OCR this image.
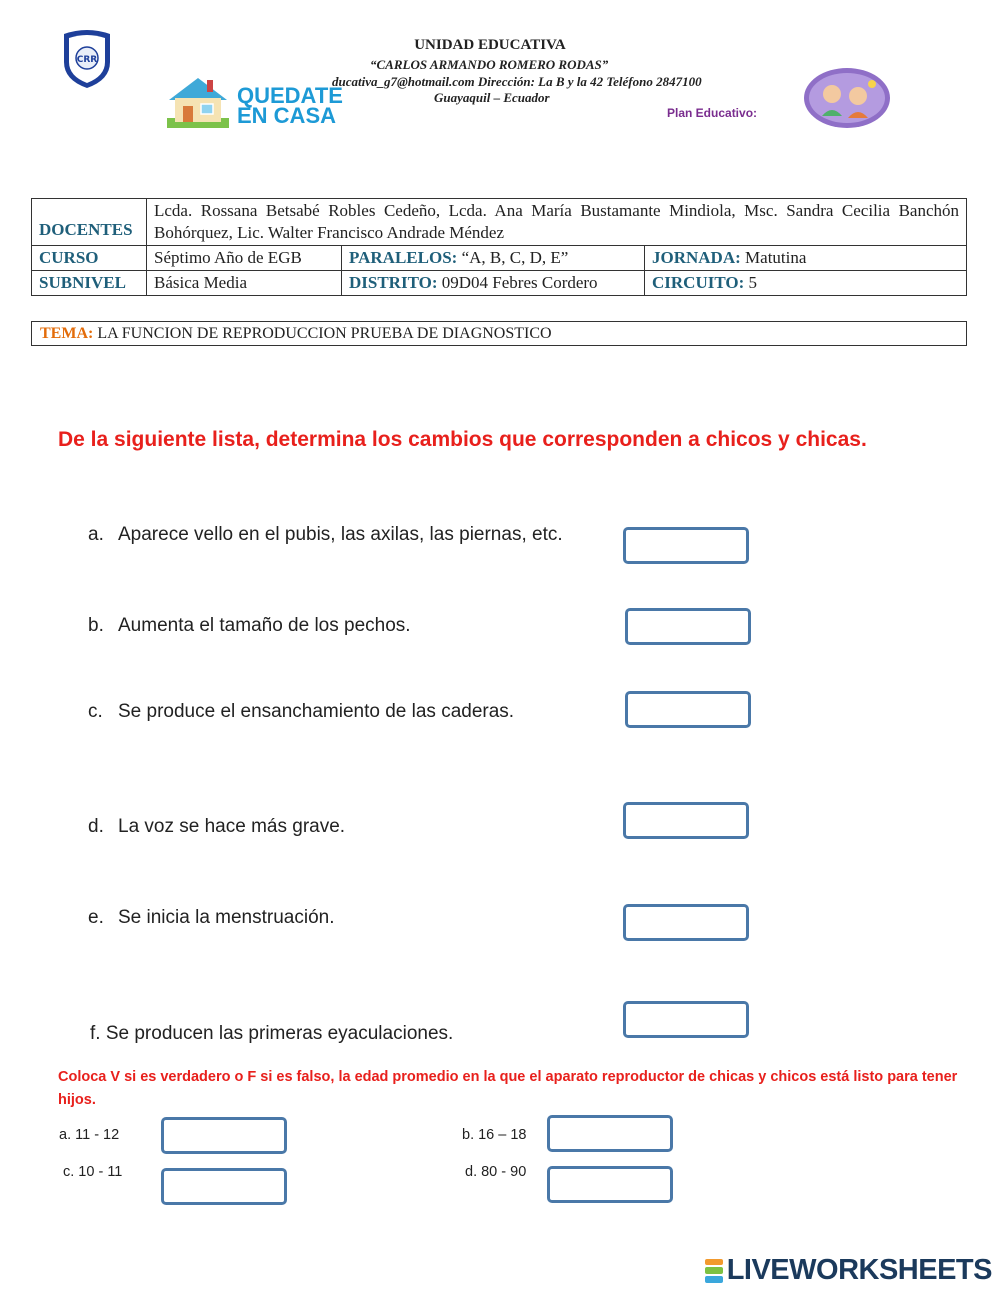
CRR
UNIDAD EDUCATIVA
“CARLOS ARMANDO ROMERO RODAS”
ducativa_g7@hotmail.com Dirección: La B y la 42 Teléfono 2847100
Guayaquil – Ecuador
QUEDATE
EN CASA	Plan Educativo:
DOCENTES	Lcda. Rossana Betsabé Robles Cedeño, Lcda. Ana María Bustamante Mindiola, Msc. Sandra Cecilia Banchón Bohórquez, Lic. Walter Francisco Andrade Méndez		
CURSO	Séptimo Año de EGB	PARALELOS: “A, B, C, D, E”	JORNADA: Matutina
SUBNIVEL	Básica Media	DISTRITO: 09D04 Febres Cordero	CIRCUITO: 5
TEMA: LA FUNCION DE REPRODUCCION PRUEBA DE DIAGNOSTICO
De la siguiente lista, determina los cambios que corresponden a chicos y chicas.
a. Aparece vello en el pubis, las axilas, las piernas, etc.
b. Aumenta el tamaño de los pechos.
c. Se produce el ensanchamiento de las caderas.
d. La voz se hace más grave.
e. Se inicia la menstruación.
f. Se producen las primeras eyaculaciones.
Coloca V si es verdadero o F si es falso, la edad promedio en la que el aparato reproductor de chicas y chicos está listo para tener hijos.
a. 11 - 12	b. 16 – 18
c. 10 - 11	d. 80 - 90
LIVEWORKSHEETS
